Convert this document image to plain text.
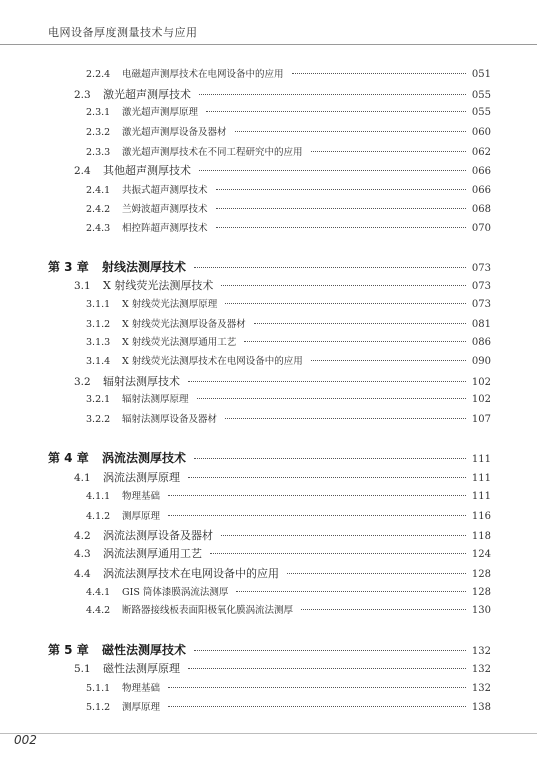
电网设备厚度测量技术与应用
2.2.4	电磁超声测厚技术在电网设备中的应用	051
2.3	激光超声测厚技术	055
2.3.1	激光超声测厚原理	055
2.3.2	激光超声测厚设备及器材	060
2.3.3	激光超声测厚技术在不同工程研究中的应用	062
2.4	其他超声测厚技术	066
2.4.1	共振式超声测厚技术	066
2.4.2	兰姆波超声测厚技术	068
2.4.3	相控阵超声测厚技术	070
第 3 章	射线法测厚技术	073
3.1	X 射线荧光法测厚技术	073
3.1.1	X 射线荧光法测厚原理	073
3.1.2	X 射线荧光法测厚设备及器材	081
3.1.3	X 射线荧光法测厚通用工艺	086
3.1.4	X 射线荧光法测厚技术在电网设备中的应用	090
3.2	辐射法测厚技术	102
3.2.1	辐射法测厚原理	102
3.2.2	辐射法测厚设备及器材	107
第 4 章	涡流法测厚技术	111
4.1	涡流法测厚原理	111
4.1.1	物理基础	111
4.1.2	测厚原理	116
4.2	涡流法测厚设备及器材	118
4.3	涡流法测厚通用工艺	124
4.4	涡流法测厚技术在电网设备中的应用	128
4.4.1	GIS 筒体漆膜涡流法测厚	128
4.4.2	断路器接线板表面阳极氧化膜涡流法测厚	130
第 5 章	磁性法测厚技术	132
5.1	磁性法测厚原理	132
5.1.1	物理基础	132
5.1.2	测厚原理	138
002
